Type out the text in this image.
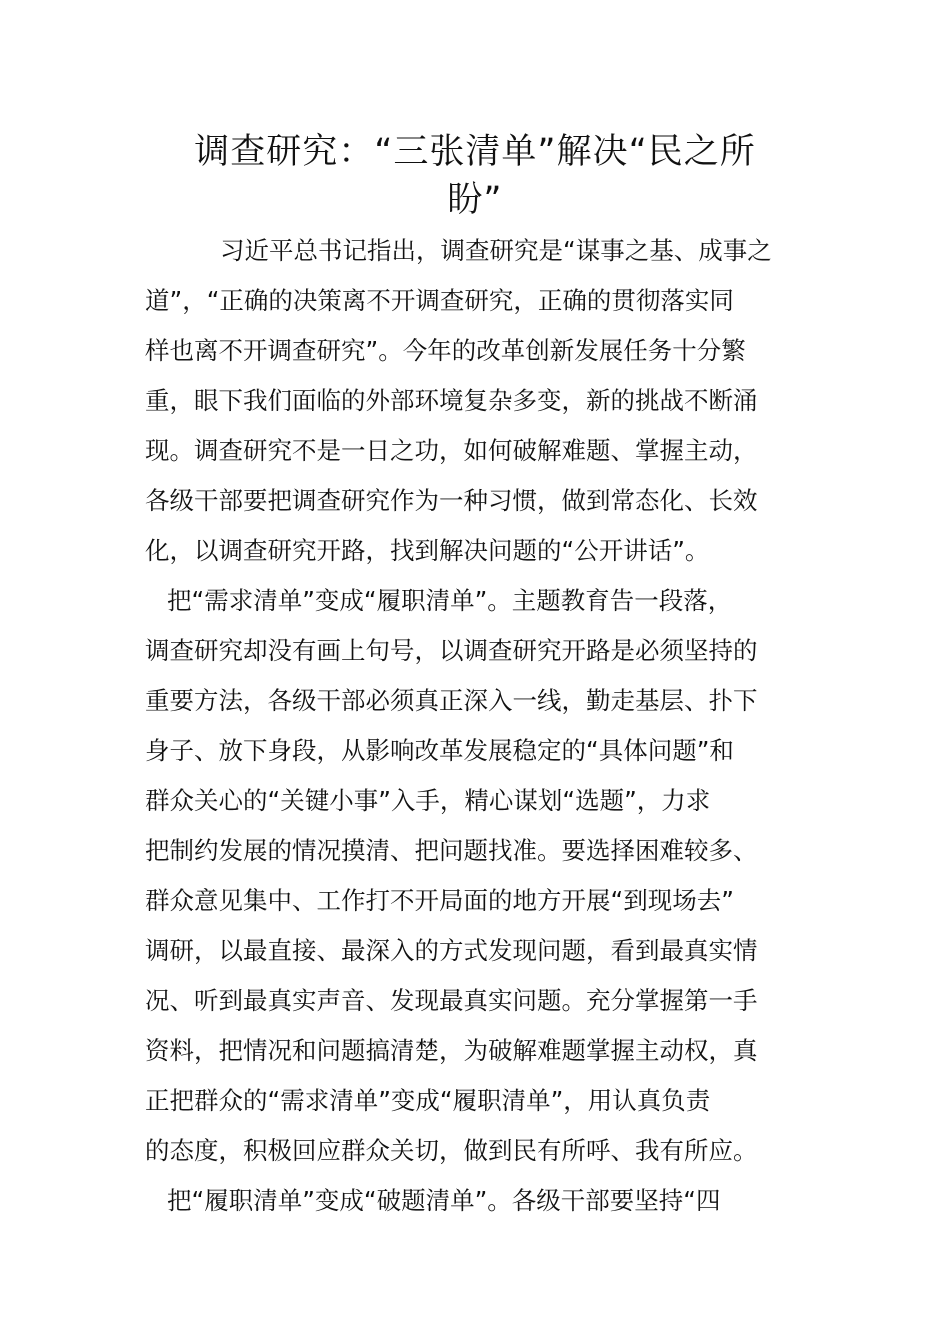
调查研究：“三张清单”解决“民之所
盼”
习近平总书记指出，调查研究是“谋事之基、成事之
道”，“正确的决策离不开调查研究，正确的贯彻落实同
样也离不开调查研究”。今年的改革创新发展任务十分繁
重，眼下我们面临的外部环境复杂多变，新的挑战不断涌
现。调查研究不是一日之功，如何破解难题、掌握主动，
各级干部要把调查研究作为一种习惯，做到常态化、长效
化，以调查研究开路，找到解决问题的“公开讲话”。
把“需求清单”变成“履职清单”。主题教育告一段落，
调查研究却没有画上句号，以调查研究开路是必须坚持的
重要方法，各级干部必须真正深入一线，勤走基层、扑下
身子、放下身段，从影响改革发展稳定的“具体问题”和
群众关心的“关键小事”入手，精心谋划“选题”，力求
把制约发展的情况摸清、把问题找准。要选择困难较多、
群众意见集中、工作打不开局面的地方开展“到现场去”
调研，以最直接、最深入的方式发现问题，看到最真实情
况、听到最真实声音、发现最真实问题。充分掌握第一手
资料，把情况和问题搞清楚，为破解难题掌握主动权，真
正把群众的“需求清单”变成“履职清单”，用认真负责
的态度，积极回应群众关切，做到民有所呼、我有所应。
把“履职清单”变成“破题清单”。各级干部要坚持“四
